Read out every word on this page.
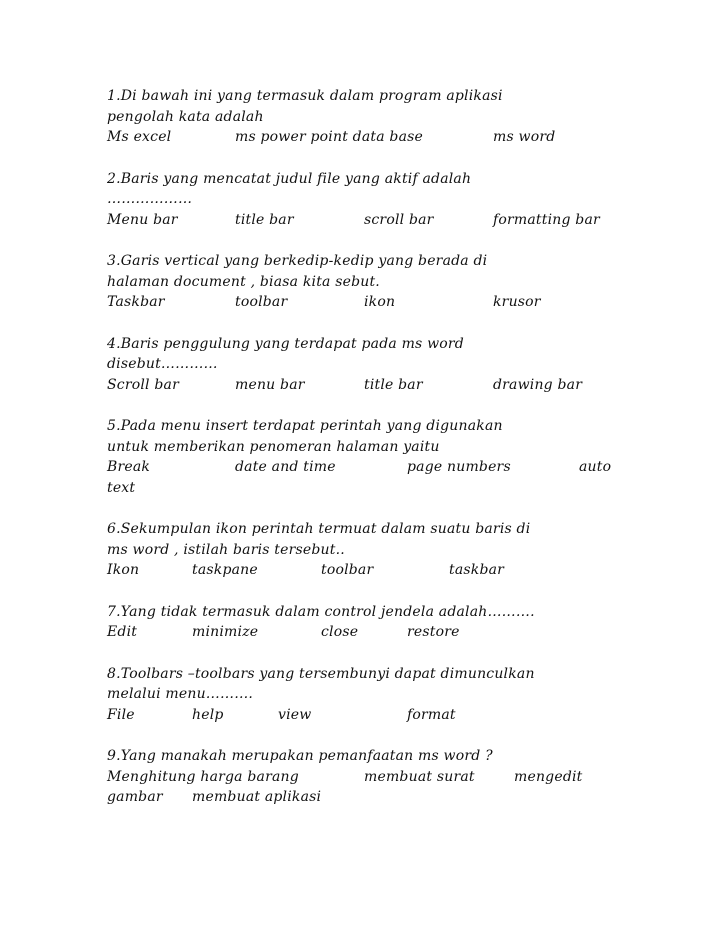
1.Di bawah ini yang termasuk dalam program aplikasi
pengolah kata adalah
Ms excel	ms power point data base	ms word
2.Baris yang mencatat judul file yang aktif adalah
………………
Menu bar	title bar	scroll bar	formatting bar
3.Garis vertical yang berkedip-kedip yang berada di
halaman document , biasa kita sebut.
Taskbar	toolbar	ikon	krusor
4.Baris penggulung yang terdapat pada ms word
disebut…………
Scroll bar	menu bar	title bar	drawing bar
5.Pada menu insert terdapat perintah yang digunakan
untuk memberikan penomeran halaman yaitu
Break	date and time	page numbers	auto
text
6.Sekumpulan ikon perintah termuat dalam suatu baris di
ms word , istilah baris tersebut..
Ikon	taskpane	toolbar	taskbar
7.Yang tidak termasuk dalam control jendela adalah……….
Edit	minimize	close	restore
8.Toolbars –toolbars yang tersembunyi dapat dimunculkan
melalui menu……….
File	help	view	format
9.Yang manakah merupakan pemanfaatan ms word ?
Menghitung harga barang	membuat surat	mengedit
gambar membuat aplikasi
